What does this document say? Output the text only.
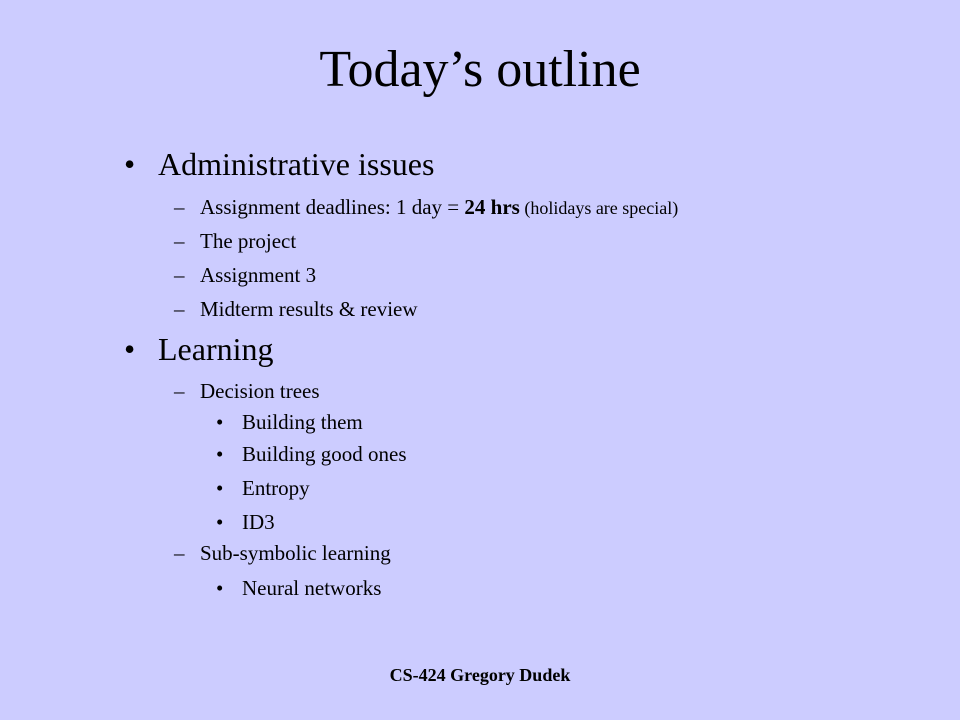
Today’s outline
• Administrative issues
– Assignment deadlines: 1 day = 24 hrs (holidays are special)
– The project
– Assignment 3
– Midterm results & review
• Learning
– Decision trees
• Building them
• Building good ones
• Entropy
• ID3
– Sub-symbolic learning
• Neural networks
CS-424 Gregory Dudek
